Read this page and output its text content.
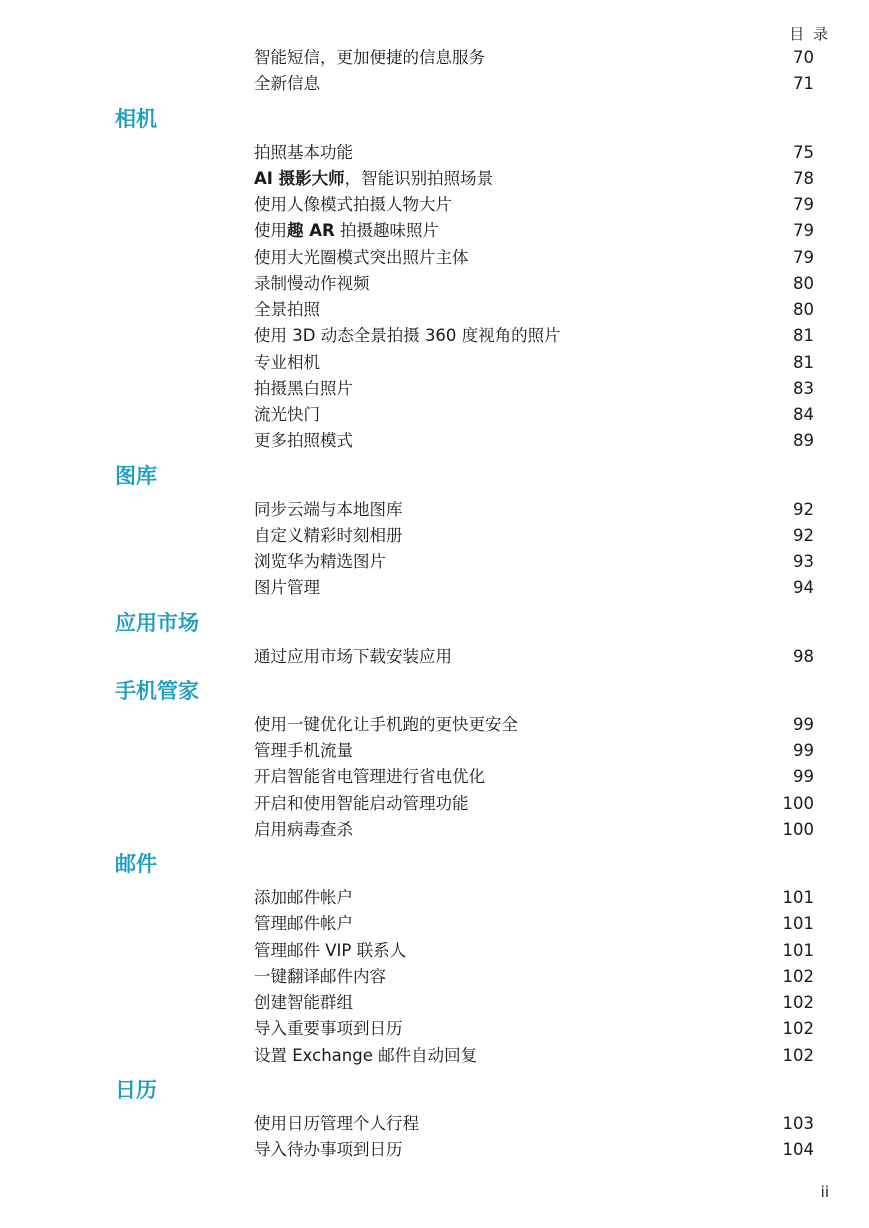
目 录
智能短信，更加便捷的信息服务	70
全新信息	71
相机
拍照基本功能	75
AI 摄影大师，智能识别拍照场景	78
使用人像模式拍摄人物大片	79
使用趣 AR 拍摄趣味照片	79
使用大光圈模式突出照片主体	79
录制慢动作视频	80
全景拍照	80
使用 3D 动态全景拍摄 360 度视角的照片	81
专业相机	81
拍摄黑白照片	83
流光快门	84
更多拍照模式	89
图库
同步云端与本地图库	92
自定义精彩时刻相册	92
浏览华为精选图片	93
图片管理	94
应用市场
通过应用市场下载安装应用	98
手机管家
使用一键优化让手机跑的更快更安全	99
管理手机流量	99
开启智能省电管理进行省电优化	99
开启和使用智能启动管理功能	100
启用病毒查杀	100
邮件
添加邮件帐户	101
管理邮件帐户	101
管理邮件 VIP 联系人	101
一键翻译邮件内容	102
创建智能群组	102
导入重要事项到日历	102
设置 Exchange 邮件自动回复	102
日历
使用日历管理个人行程	103
导入待办事项到日历	104
ii
